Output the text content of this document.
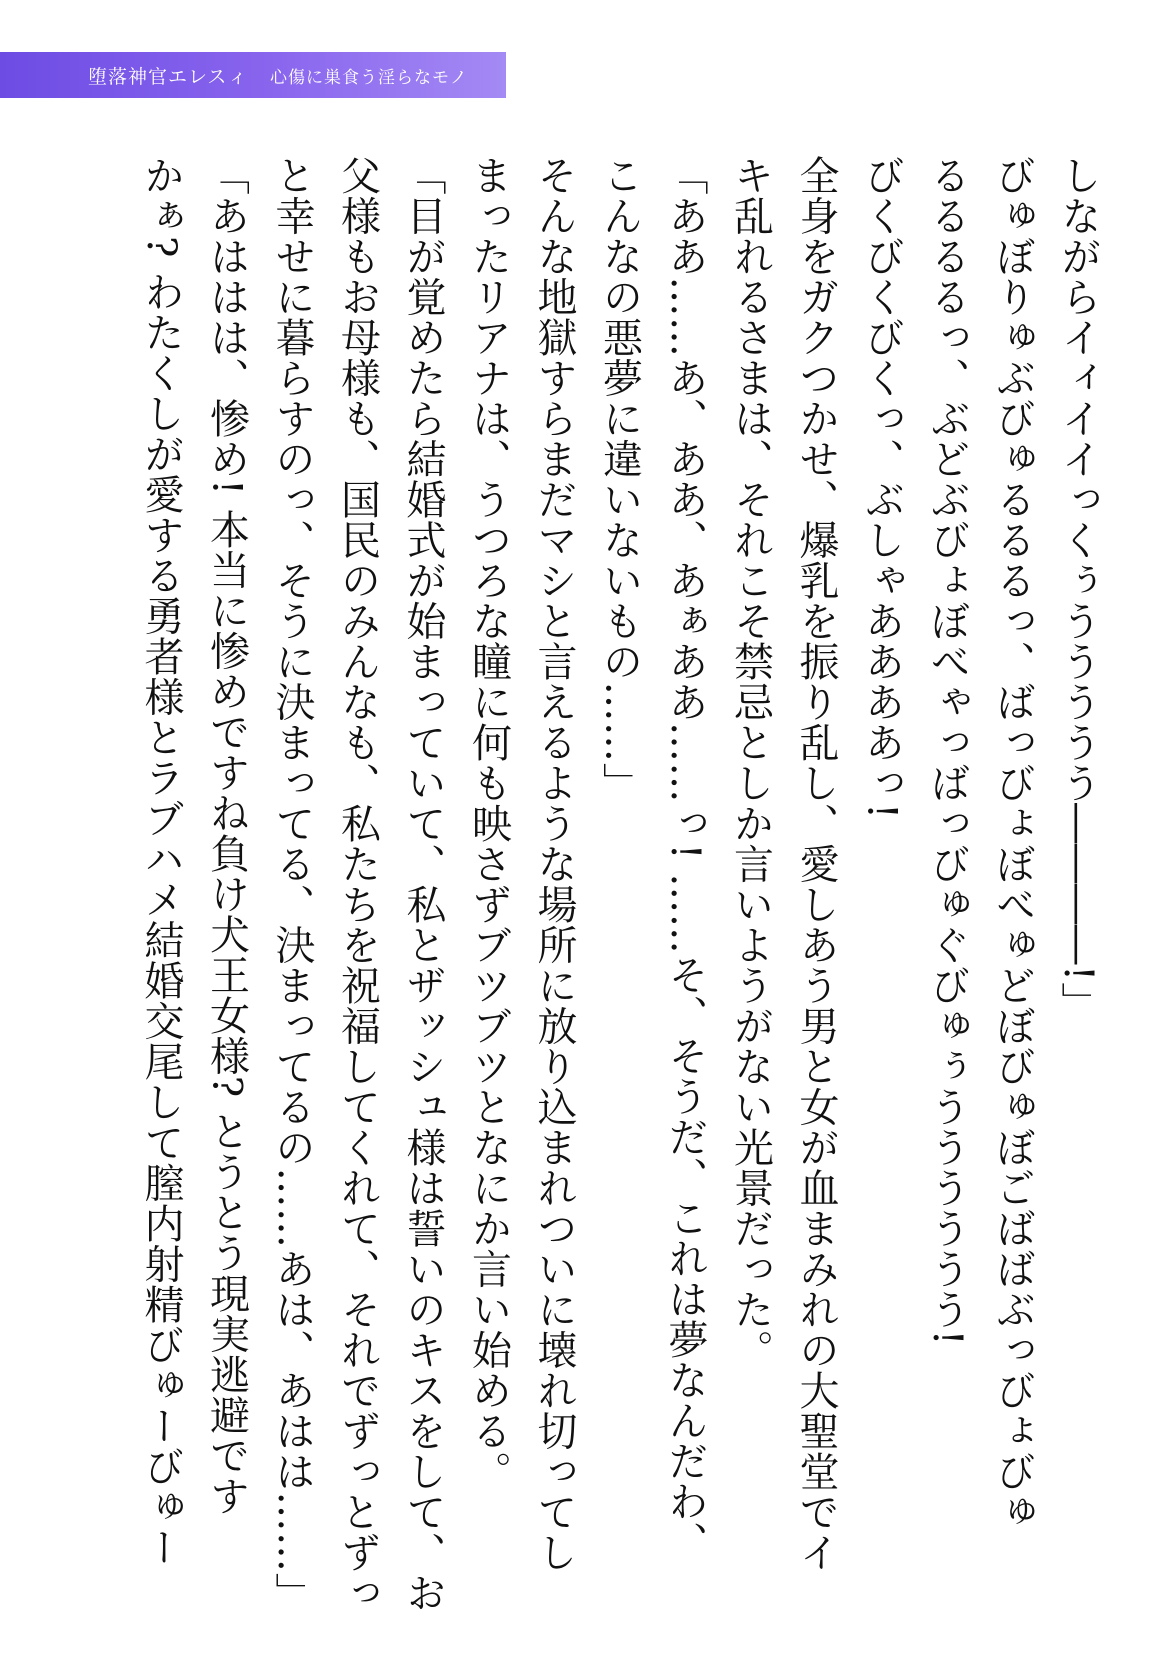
堕落神官エレスィ 心傷に巣食う淫らなモノ
しながらイィイイっくぅううううう――――!」
びゅぼりゅぶびゅるるるっ、ばっびょぼべゅどぼびゅぼごばばぶっびょびゅ
るるるるっ、ぶどぶびょぼべゃっばっびゅぐびゅぅうううううう!
びくびくびくっ、ぶしゃああああっ!
全身をガクつかせ、爆乳を振り乱し、愛しあう男と女が血まみれの大聖堂でイ
キ乱れるさまは、それこそ禁忌としか言いようがない光景だった。
「ああ……あ、ああ、あぁああ……っ! ……そ、そうだ、これは夢なんだわ、
こんなの悪夢に違いないもの……」
そんな地獄すらまだマシと言えるような場所に放り込まれついに壊れ切ってし
まったリアナは、うつろな瞳に何も映さずブツブツとなにか言い始める。
「目が覚めたら結婚式が始まっていて、私とザッシュ様は誓いのキスをして、お
父様もお母様も、国民のみんなも、私たちを祝福してくれて、それでずっとずっ
と幸せに暮らすのっ、そうに決まってる、決まってるの……あは、あはは……」
「あははは、惨め! 本当に惨めですね負け犬王女様? とうとう現実逃避です
かぁ? わたくしが愛する勇者様とラブハメ結婚交尾して膣内射精びゅーびゅー
